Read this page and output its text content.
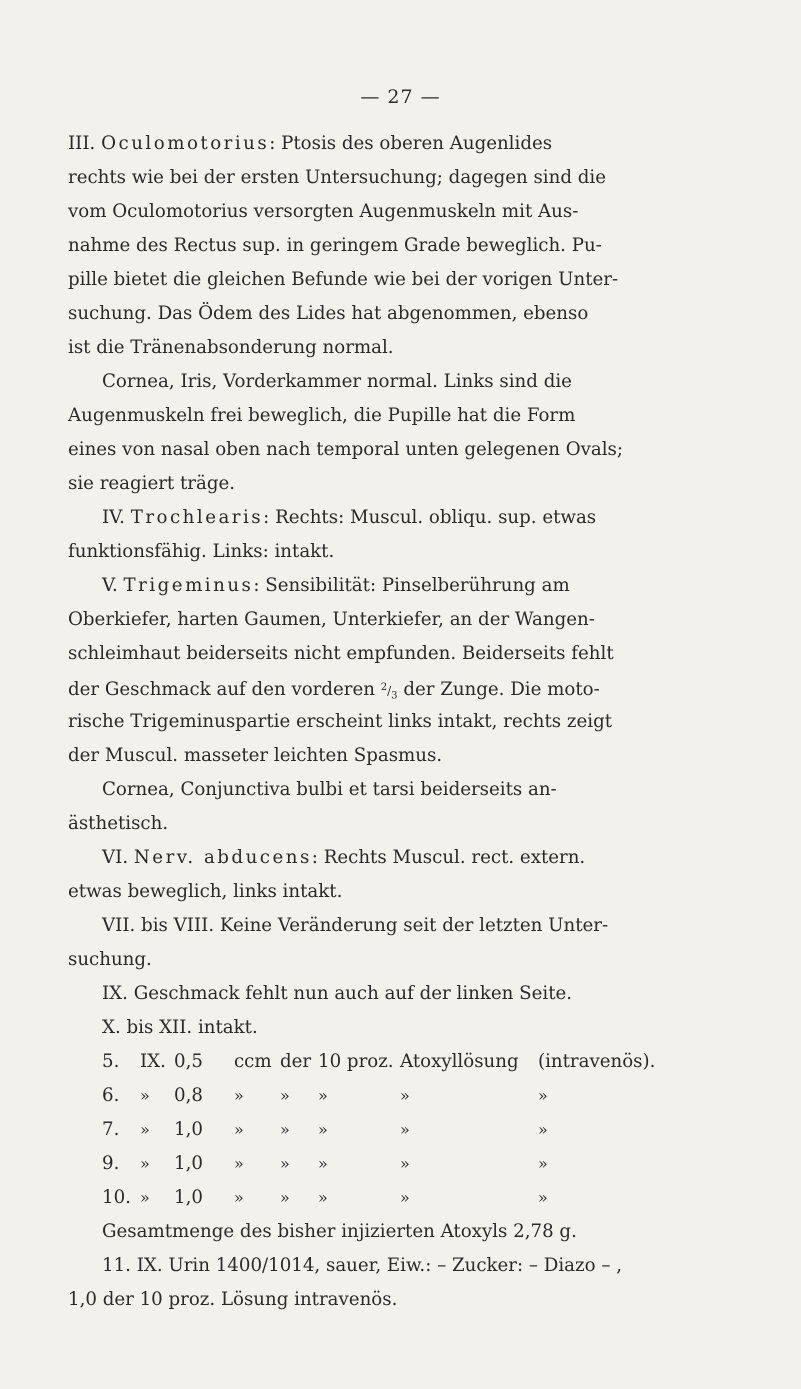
— 27 —
III. Oculomotorius: Ptosis des oberen Augenlides
rechts wie bei der ersten Untersuchung; dagegen sind die
vom Oculomotorius versorgten Augenmuskeln mit Aus-
nahme des Rectus sup. in geringem Grade beweglich. Pu-
pille bietet die gleichen Befunde wie bei der vorigen Unter-
suchung. Das Ödem des Lides hat abgenommen, ebenso
ist die Tränenabsonderung normal.
Cornea, Iris, Vorderkammer normal. Links sind die
Augenmuskeln frei beweglich, die Pupille hat die Form
eines von nasal oben nach temporal unten gelegenen Ovals;
sie reagiert träge.
IV. Trochlearis: Rechts: Muscul. obliqu. sup. etwas
funktionsfähig. Links: intakt.
V. Trigeminus: Sensibilität: Pinselberührung am
Oberkiefer, harten Gaumen, Unterkiefer, an der Wangen-
schleimhaut beiderseits nicht empfunden. Beiderseits fehlt
der Geschmack auf den vorderen $^2/_3$ der Zunge. Die moto-
rische Trigeminuspartie erscheint links intakt, rechts zeigt
der Muscul. masseter leichten Spasmus.
Cornea, Conjunctiva bulbi et tarsi beiderseits an-
ästhetisch.
VI. Nerv. abducens: Rechts Muscul. rect. extern.
etwas beweglich, links intakt.
VII. bis VIII. Keine Veränderung seit der letzten Unter-
suchung.
IX. Geschmack fehlt nun auch auf der linken Seite.
X. bis XII. intakt.
5.	IX. 0,5	ccm der 10 proz. Atoxyllösung	(intravenös).
6.	»	0,8	»	»	»	»	»
7.	»	1,0	»	»	»	»	»
9.	»	1,0	»	»	»	»	»
10. »	1,0	»	»	»	»	»
Gesamtmenge des bisher injizierten Atoxyls 2,78 g.
11. IX. Urin 1400/1014, sauer, Eiw.: – Zucker: – Diazo – ,
1,0 der 10 proz. Lösung intravenös.
